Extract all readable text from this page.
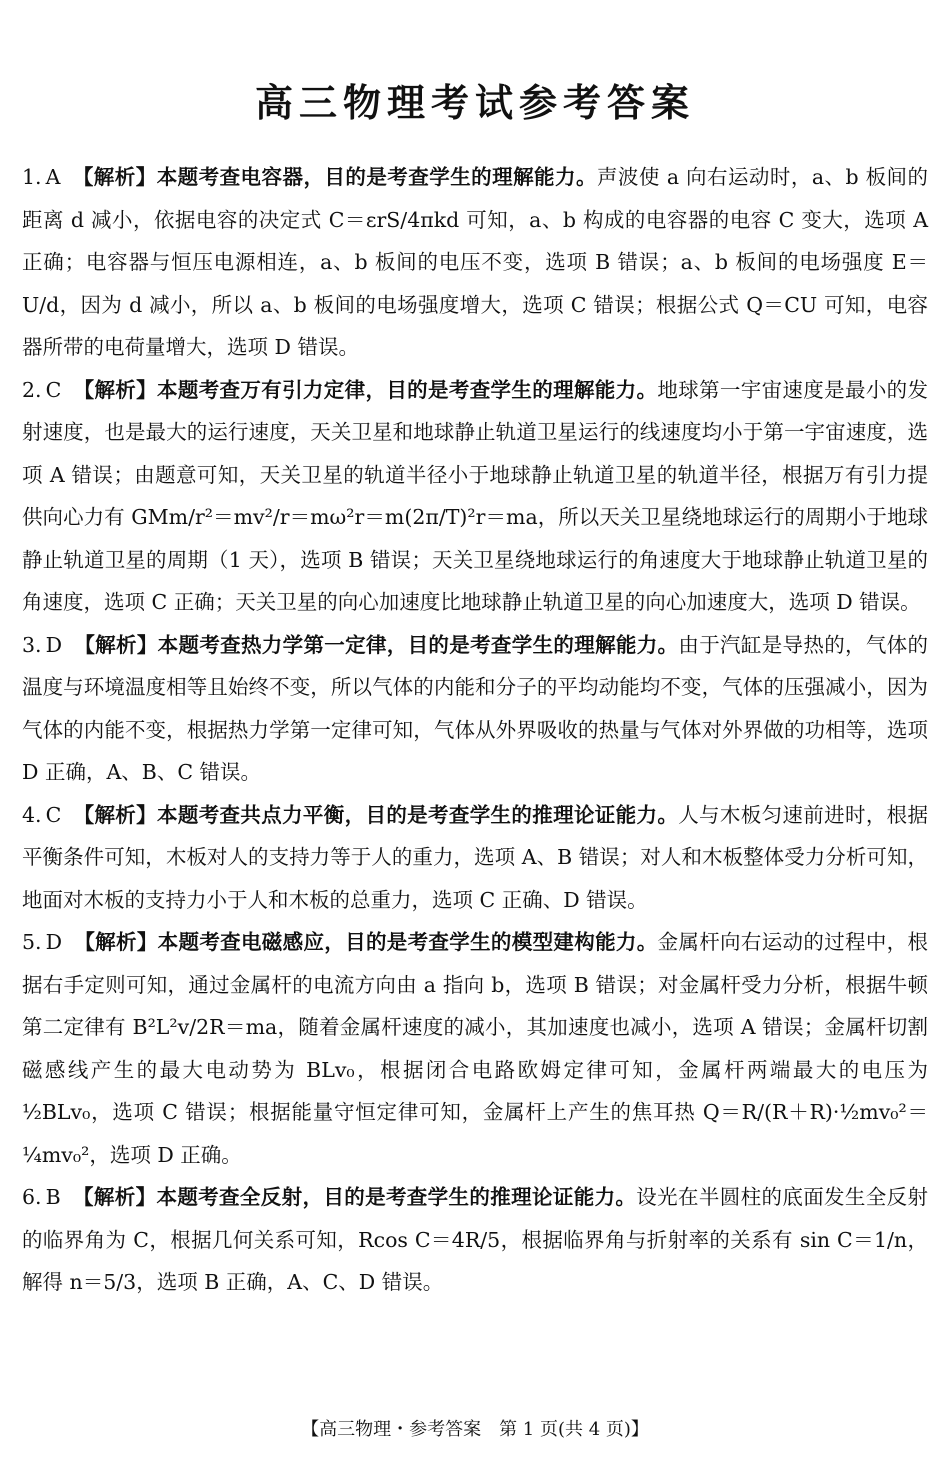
高三物理考试参考答案

1. A 【解析】本题考查电容器，目的是考查学生的理解能力。声波使 a 向右运动时，a、b 板间的距离 d 减小，依据电容的决定式 C＝εrS/4πkd 可知，a、b 构成的电容器的电容 C 变大，选项 A 正确；电容器与恒压电源相连，a、b 板间的电压不变，选项 B 错误；a、b 板间的电场强度 E＝U/d，因为 d 减小，所以 a、b 板间的电场强度增大，选项 C 错误；根据公式 Q＝CU 可知，电容器所带的电荷量增大，选项 D 错误。

2. C 【解析】本题考查万有引力定律，目的是考查学生的理解能力。地球第一宇宙速度是最小的发射速度，也是最大的运行速度，天关卫星和地球静止轨道卫星运行的线速度均小于第一宇宙速度，选项 A 错误；由题意可知，天关卫星的轨道半径小于地球静止轨道卫星的轨道半径，根据万有引力提供向心力有 GMm/r²＝mv²/r＝mω²r＝m(2π/T)²r＝ma，所以天关卫星绕地球运行的周期小于地球静止轨道卫星的周期（1 天），选项 B 错误；天关卫星绕地球运行的角速度大于地球静止轨道卫星的角速度，选项 C 正确；天关卫星的向心加速度比地球静止轨道卫星的向心加速度大，选项 D 错误。

3. D 【解析】本题考查热力学第一定律，目的是考查学生的理解能力。由于汽缸是导热的，气体的温度与环境温度相等且始终不变，所以气体的内能和分子的平均动能均不变，气体的压强减小，因为气体的内能不变，根据热力学第一定律可知，气体从外界吸收的热量与气体对外界做的功相等，选项 D 正确，A、B、C 错误。

4. C 【解析】本题考查共点力平衡，目的是考查学生的推理论证能力。人与木板匀速前进时，根据平衡条件可知，木板对人的支持力等于人的重力，选项 A、B 错误；对人和木板整体受力分析可知，地面对木板的支持力小于人和木板的总重力，选项 C 正确、D 错误。

5. D 【解析】本题考查电磁感应，目的是考查学生的模型建构能力。金属杆向右运动的过程中，根据右手定则可知，通过金属杆的电流方向由 a 指向 b，选项 B 错误；对金属杆受力分析，根据牛顿第二定律有 B²L²v/2R＝ma，随着金属杆速度的减小，其加速度也减小，选项 A 错误；金属杆切割磁感线产生的最大电动势为 BLv₀，根据闭合电路欧姆定律可知，金属杆两端最大的电压为 ½BLv₀，选项 C 错误；根据能量守恒定律可知，金属杆上产生的焦耳热 Q＝R/(R＋R)·½mv₀²＝¼mv₀²，选项 D 正确。

6. B 【解析】本题考查全反射，目的是考查学生的推理论证能力。设光在半圆柱的底面发生全反射的临界角为 C，根据几何关系可知，Rcos C＝4R/5，根据临界角与折射率的关系有 sin C＝1/n，解得 n＝5/3，选项 B 正确，A、C、D 错误。

【高三物理・参考答案　第 1 页(共 4 页)】
